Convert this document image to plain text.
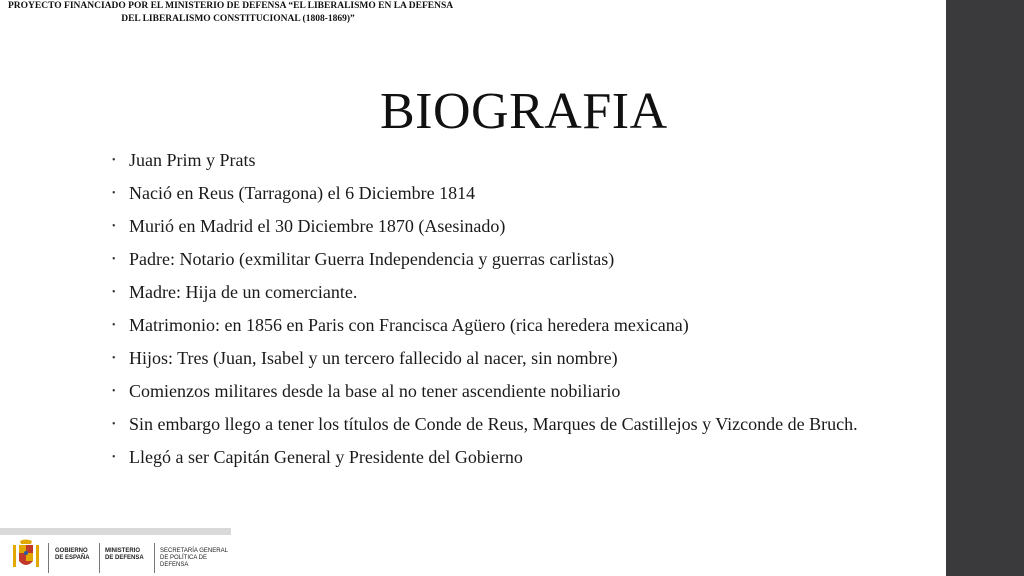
PROYECTO FINANCIADO POR EL MINISTERIO DE DEFENSA “EL LIBERALISMO EN LA DEFENSA
DEL LIBERALISMO CONSTITUCIONAL (1808-1869)”
BIOGRAFIA
• Juan Prim y Prats
• Nació en Reus (Tarragona) el 6 Diciembre 1814
• Murió en Madrid el 30 Diciembre 1870 (Asesinado)
• Padre: Notario (exmilitar Guerra Independencia y guerras carlistas)
• Madre: Hija de un comerciante.
• Matrimonio: en 1856 en Paris con Francisca Agüero (rica heredera mexicana)
• Hijos: Tres (Juan, Isabel y un tercero fallecido al nacer, sin nombre)
• Comienzos militares desde la base al no tener ascendiente nobiliario
• Sin embargo llego a tener los títulos de Conde de Reus, Marques de Castillejos y Vizconde de Bruch.
• Llegó a ser Capitán General y Presidente del Gobierno
GOBIERNO DE ESPAÑA
MINISTERIO DE DEFENSA
SECRETARÍA GENERAL DE POLÍTICA DE DEFENSA
